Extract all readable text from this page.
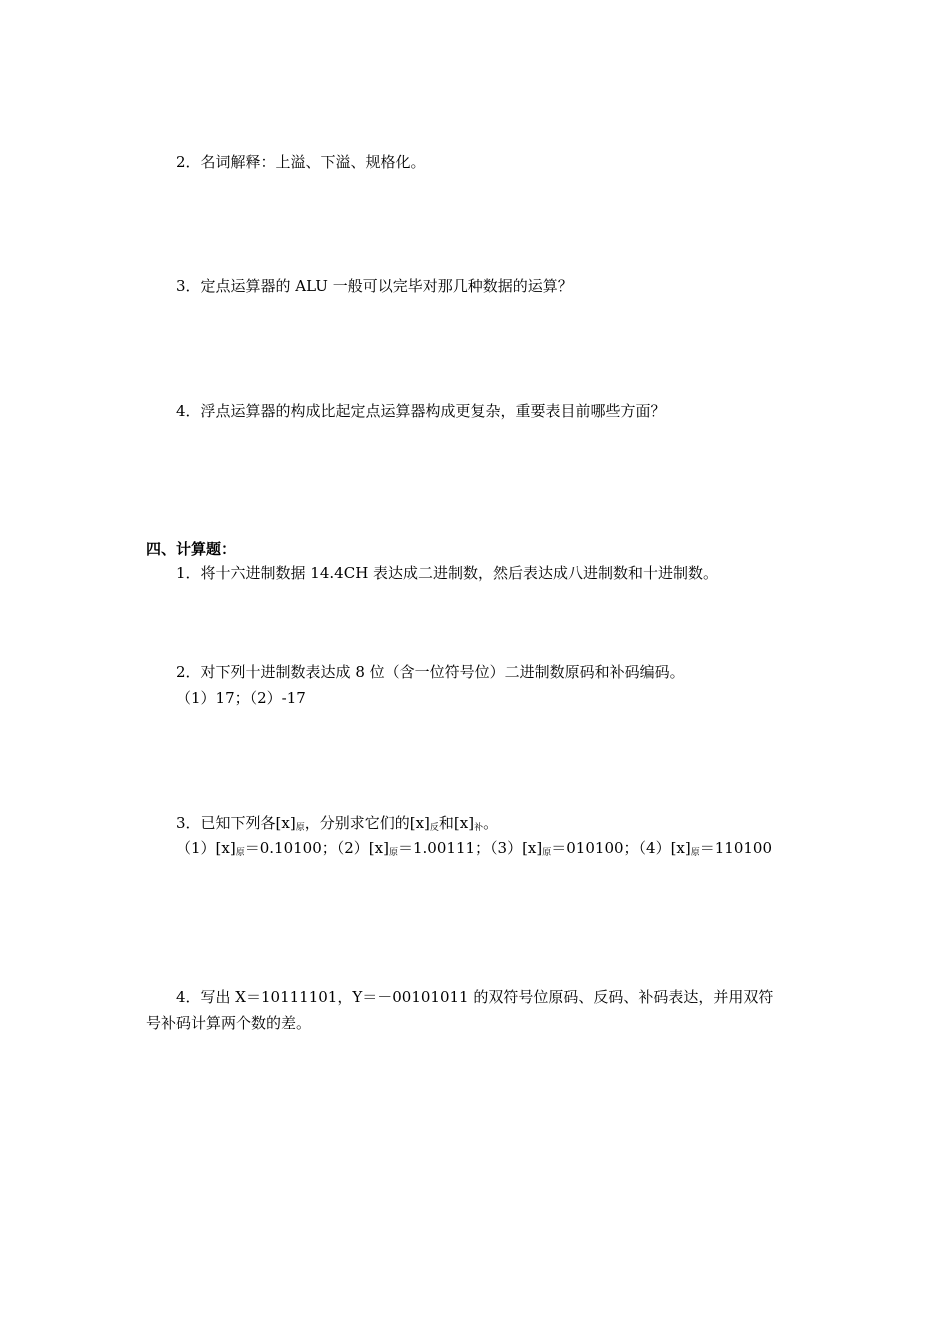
2．名词解释：上溢、下溢、规格化。

3．定点运算器的 ALU 一般可以完毕对那几种数据的运算？

4．浮点运算器的构成比起定点运算器构成更复杂，重要表目前哪些方面？

四、计算题：

1．将十六进制数据 14.4CH 表达成二进制数，然后表达成八进制数和十进制数。

2．对下列十进制数表达成 8 位（含一位符号位）二进制数原码和补码编码。

（1）17；（2）-17

3．已知下列各$[x]_原$，分别求它们的$[x]_反$和$[x]_补$。

$(1)[x]_原=0.10100$；$(2)[x]_原=1.00111$；$(3)[x]_原=010100$；$(4)[x]_原=110100$

4．写出 X＝10111101，Y＝－00101011 的双符号位原码、反码、补码表达，并用双符

号补码计算两个数的差。
